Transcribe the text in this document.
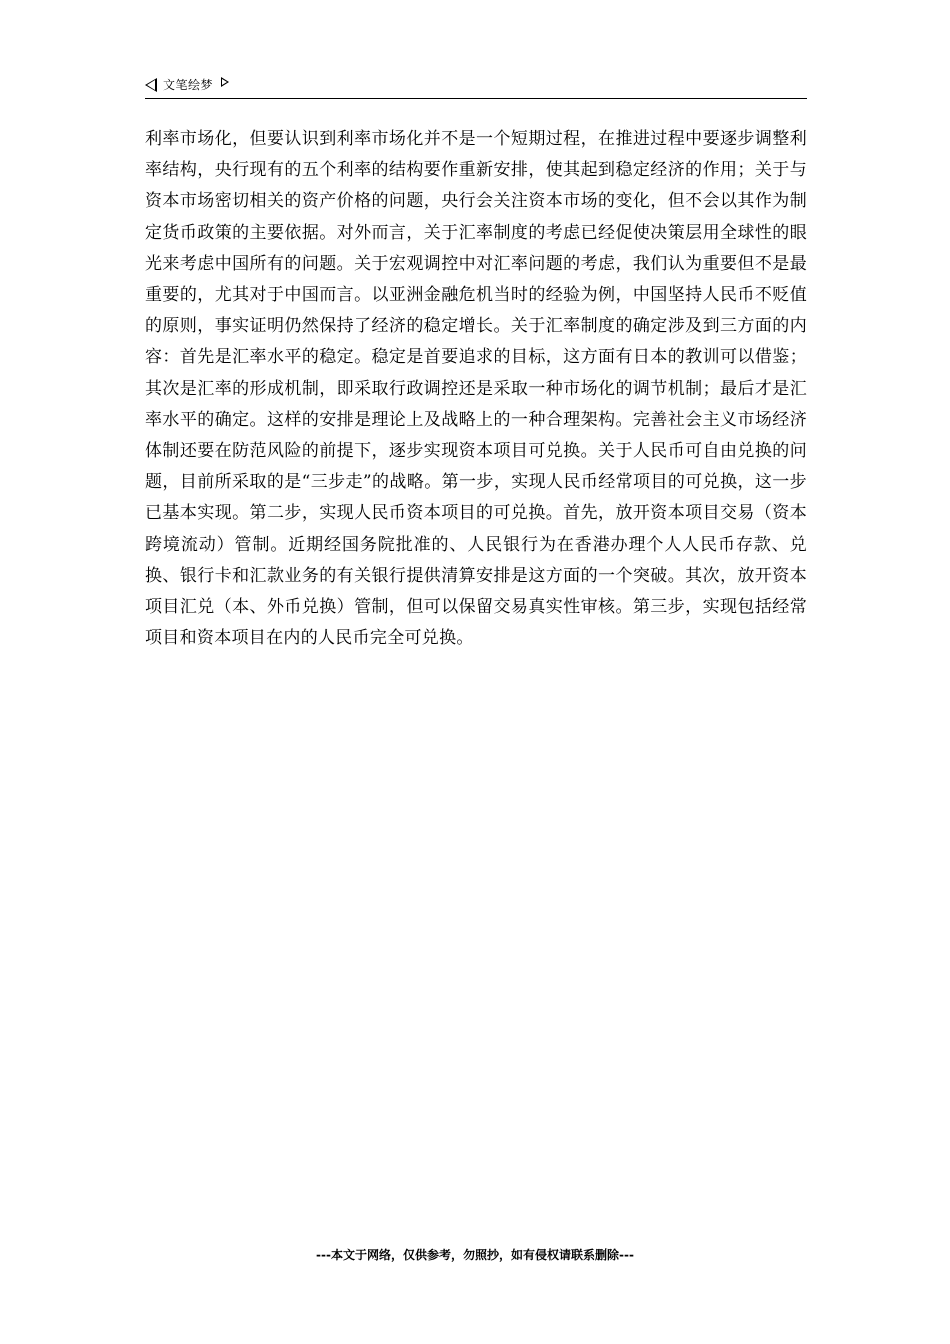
文笔绘梦

利率市场化，但要认识到利率市场化并不是一个短期过程，在推进过程中要逐步调整利率结构，央行现有的五个利率的结构要作重新安排，使其起到稳定经济的作用；关于与资本市场密切相关的资产价格的问题，央行会关注资本市场的变化，但不会以其作为制定货币政策的主要依据。对外而言，关于汇率制度的考虑已经促使决策层用全球性的眼光来考虑中国所有的问题。关于宏观调控中对汇率问题的考虑，我们认为重要但不是最重要的，尤其对于中国而言。以亚洲金融危机当时的经验为例，中国坚持人民币不贬值的原则，事实证明仍然保持了经济的稳定增长。关于汇率制度的确定涉及到三方面的内容：首先是汇率水平的稳定。稳定是首要追求的目标，这方面有日本的教训可以借鉴；其次是汇率的形成机制，即采取行政调控还是采取一种市场化的调节机制；最后才是汇率水平的确定。这样的安排是理论上及战略上的一种合理架构。完善社会主义市场经济体制还要在防范风险的前提下，逐步实现资本项目可兑换。关于人民币可自由兑换的问题，目前所采取的是“三步走”的战略。第一步，实现人民币经常项目的可兑换，这一步已基本实现。第二步，实现人民币资本项目的可兑换。首先，放开资本项目交易（资本跨境流动）管制。近期经国务院批准的、人民银行为在香港办理个人人民币存款、兑换、银行卡和汇款业务的有关银行提供清算安排是这方面的一个突破。其次，放开资本项目汇兑（本、外币兑换）管制，但可以保留交易真实性审核。第三步，实现包括经常项目和资本项目在内的人民币完全可兑换。

---本文于网络，仅供参考，勿照抄，如有侵权请联系删除---
